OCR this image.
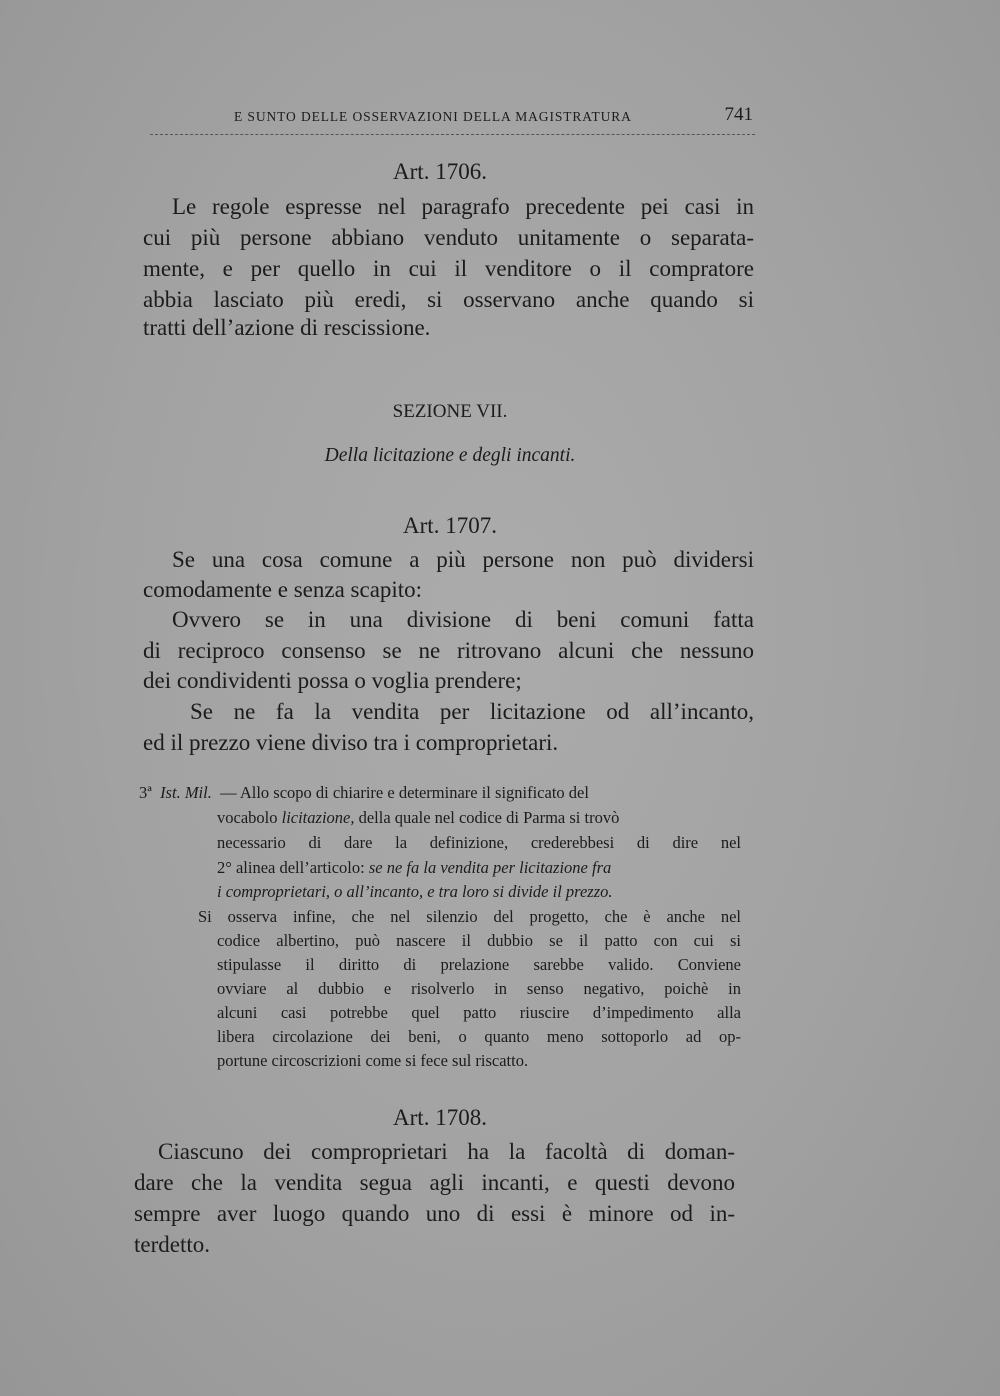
E SUNTO DELLE OSSERVAZIONI DELLA MAGISTRATURA	741
Art. 1706.
Le regole espresse nel paragrafo precedente pei casi in
cui più persone abbiano venduto unitamente o separata-
mente, e per quello in cui il venditore o il compratore
abbia lasciato più eredi, si osservano anche quando si
tratti dell’azione di rescissione.
SEZIONE VII.
Della licitazione e degli incanti.
Art. 1707.
Se una cosa comune a più persone non può dividersi
comodamente e senza scapito:
Ovvero se in una divisione di beni comuni fatta
di reciproco consenso se ne ritrovano alcuni che nessuno
dei condividenti possa o voglia prendere;
Se ne fa la vendita per licitazione od all’incanto,
ed il prezzo viene diviso tra i comproprietari.
3ª Ist. Mil. — Allo scopo di chiarire e determinare il significato del
vocabolo licitazione, della quale nel codice di Parma si trovò
necessario di dare la definizione, crederebbesi di dire nel
2° alinea dell’articolo: se ne fa la vendita per licitazione fra
i comproprietari, o all’incanto, e tra loro si divide il prezzo.
Si osserva infine, che nel silenzio del progetto, che è anche nel
codice albertino, può nascere il dubbio se il patto con cui si
stipulasse il diritto di prelazione sarebbe valido. Conviene
ovviare al dubbio e risolverlo in senso negativo, poichè in
alcuni casi potrebbe quel patto riuscire d’impedimento alla
libera circolazione dei beni, o quanto meno sottoporlo ad op-
portune circoscrizioni come si fece sul riscatto.
Art. 1708.
Ciascuno dei comproprietari ha la facoltà di doman-
dare che la vendita segua agli incanti, e questi devono
sempre aver luogo quando uno di essi è minore od in-
terdetto.
